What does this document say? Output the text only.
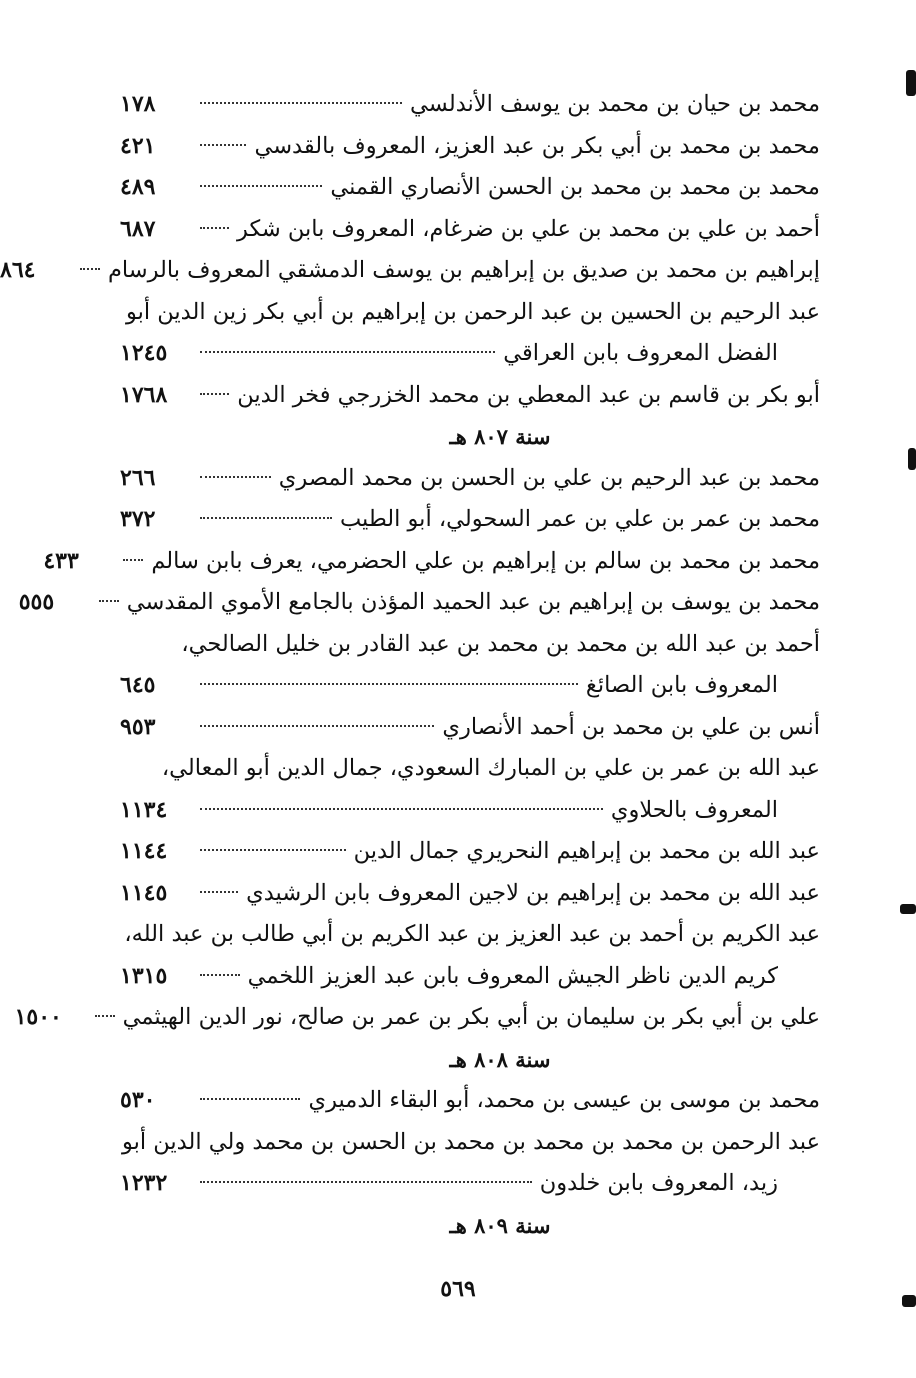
محمد بن حيان بن محمد بن يوسف الأندلسي
١٧٨
محمد بن محمد بن أبي بكر بن عبد العزيز، المعروف بالقدسي
٤٢١
محمد بن محمد بن محمد بن الحسن الأنصاري القمني
٤٨٩
أحمد بن علي بن محمد بن علي بن ضرغام، المعروف بابن شكر
٦٨٧
إبراهيم بن محمد بن صديق بن إبراهيم بن يوسف الدمشقي المعروف بالرسام
٨٦٤
عبد الرحيم بن الحسين بن عبد الرحمن بن إبراهيم بن أبي بكر زين الدين أبو
الفضل المعروف بابن العراقي
١٢٤٥
أبو بكر بن قاسم بن عبد المعطي بن محمد الخزرجي فخر الدين
١٧٦٨
سنة ٨٠٧ هـ
محمد بن عبد الرحيم بن علي بن الحسن بن محمد المصري
٢٦٦
محمد بن عمر بن علي بن عمر السحولي، أبو الطيب
٣٧٢
محمد بن محمد بن سالم بن إبراهيم بن علي الحضرمي، يعرف بابن سالم
٤٣٣
محمد بن يوسف بن إبراهيم بن عبد الحميد المؤذن بالجامع الأموي المقدسي
٥٥٥
أحمد بن عبد الله بن محمد بن محمد بن عبد القادر بن خليل الصالحي،
المعروف بابن الصائغ
٦٤٥
أنس بن علي بن محمد بن أحمد الأنصاري
٩٥٣
عبد الله بن عمر بن علي بن المبارك السعودي، جمال الدين أبو المعالي،
المعروف بالحلاوي
١١٣٤
عبد الله بن محمد بن إبراهيم النحريري جمال الدين
١١٤٤
عبد الله بن محمد بن إبراهيم بن لاجين المعروف بابن الرشيدي
١١٤٥
عبد الكريم بن أحمد بن عبد العزيز بن عبد الكريم بن أبي طالب بن عبد الله،
كريم الدين ناظر الجيش المعروف بابن عبد العزيز اللخمي
١٣١٥
علي بن أبي بكر بن سليمان بن أبي بكر بن عمر بن صالح، نور الدين الهيثمي
١٥٠٠
سنة ٨٠٨ هـ
محمد بن موسى بن عيسى بن محمد، أبو البقاء الدميري
٥٣٠
عبد الرحمن بن محمد بن محمد بن محمد بن الحسن بن محمد ولي الدين أبو
زيد، المعروف بابن خلدون
١٢٣٢
سنة ٨٠٩ هـ
٥٦٩
